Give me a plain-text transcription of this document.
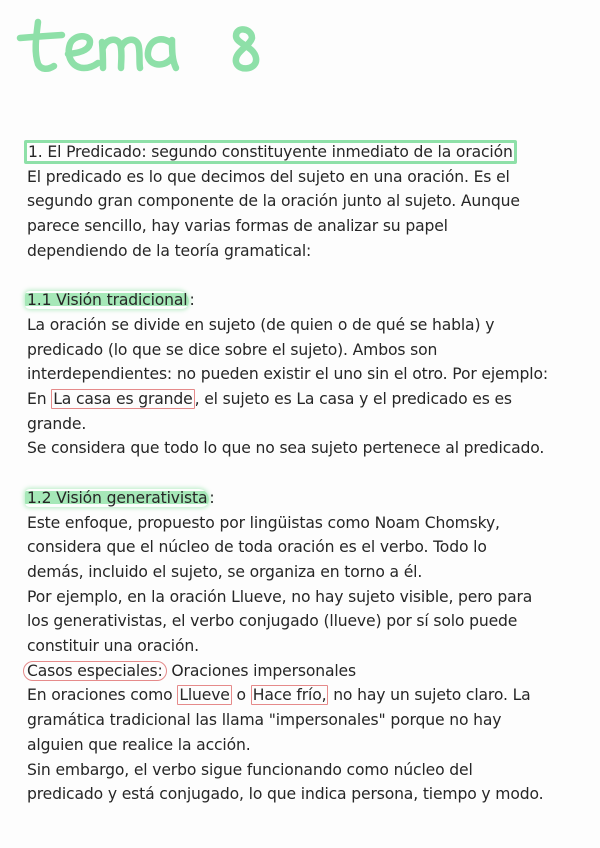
1. El Predicado: segundo constituyente inmediato de la oración

El predicado es lo que decimos del sujeto en una oración. Es el

segundo gran componente de la oración junto al sujeto. Aunque

parece sencillo, hay varias formas de analizar su papel

dependiendo de la teoría gramatical:

1.1 Visión tradicional :

La oración se divide en sujeto (de quien o de qué se habla) y

predicado (lo que se dice sobre el sujeto). Ambos son

interdependientes: no pueden existir el uno sin el otro. Por ejemplo:

En La casa es grande , el sujeto es La casa y el predicado es es

grande.

Se considera que todo lo que no sea sujeto pertenece al predicado.

1.2 Visión generativista :

Este enfoque, propuesto por lingüistas como Noam Chomsky,

considera que el núcleo de toda oración es el verbo. Todo lo

demás, incluido el sujeto, se organiza en torno a él.

Por ejemplo, en la oración Llueve, no hay sujeto visible, pero para

los generativistas, el verbo conjugado (llueve) por sí solo puede

constituir una oración.

Casos especiales: Oraciones impersonales

En oraciones como Llueve o Hace frío, no hay un sujeto claro. La

gramática tradicional las llama "impersonales" porque no hay

alguien que realice la acción.

Sin embargo, el verbo sigue funcionando como núcleo del

predicado y está conjugado, lo que indica persona, tiempo y modo.
